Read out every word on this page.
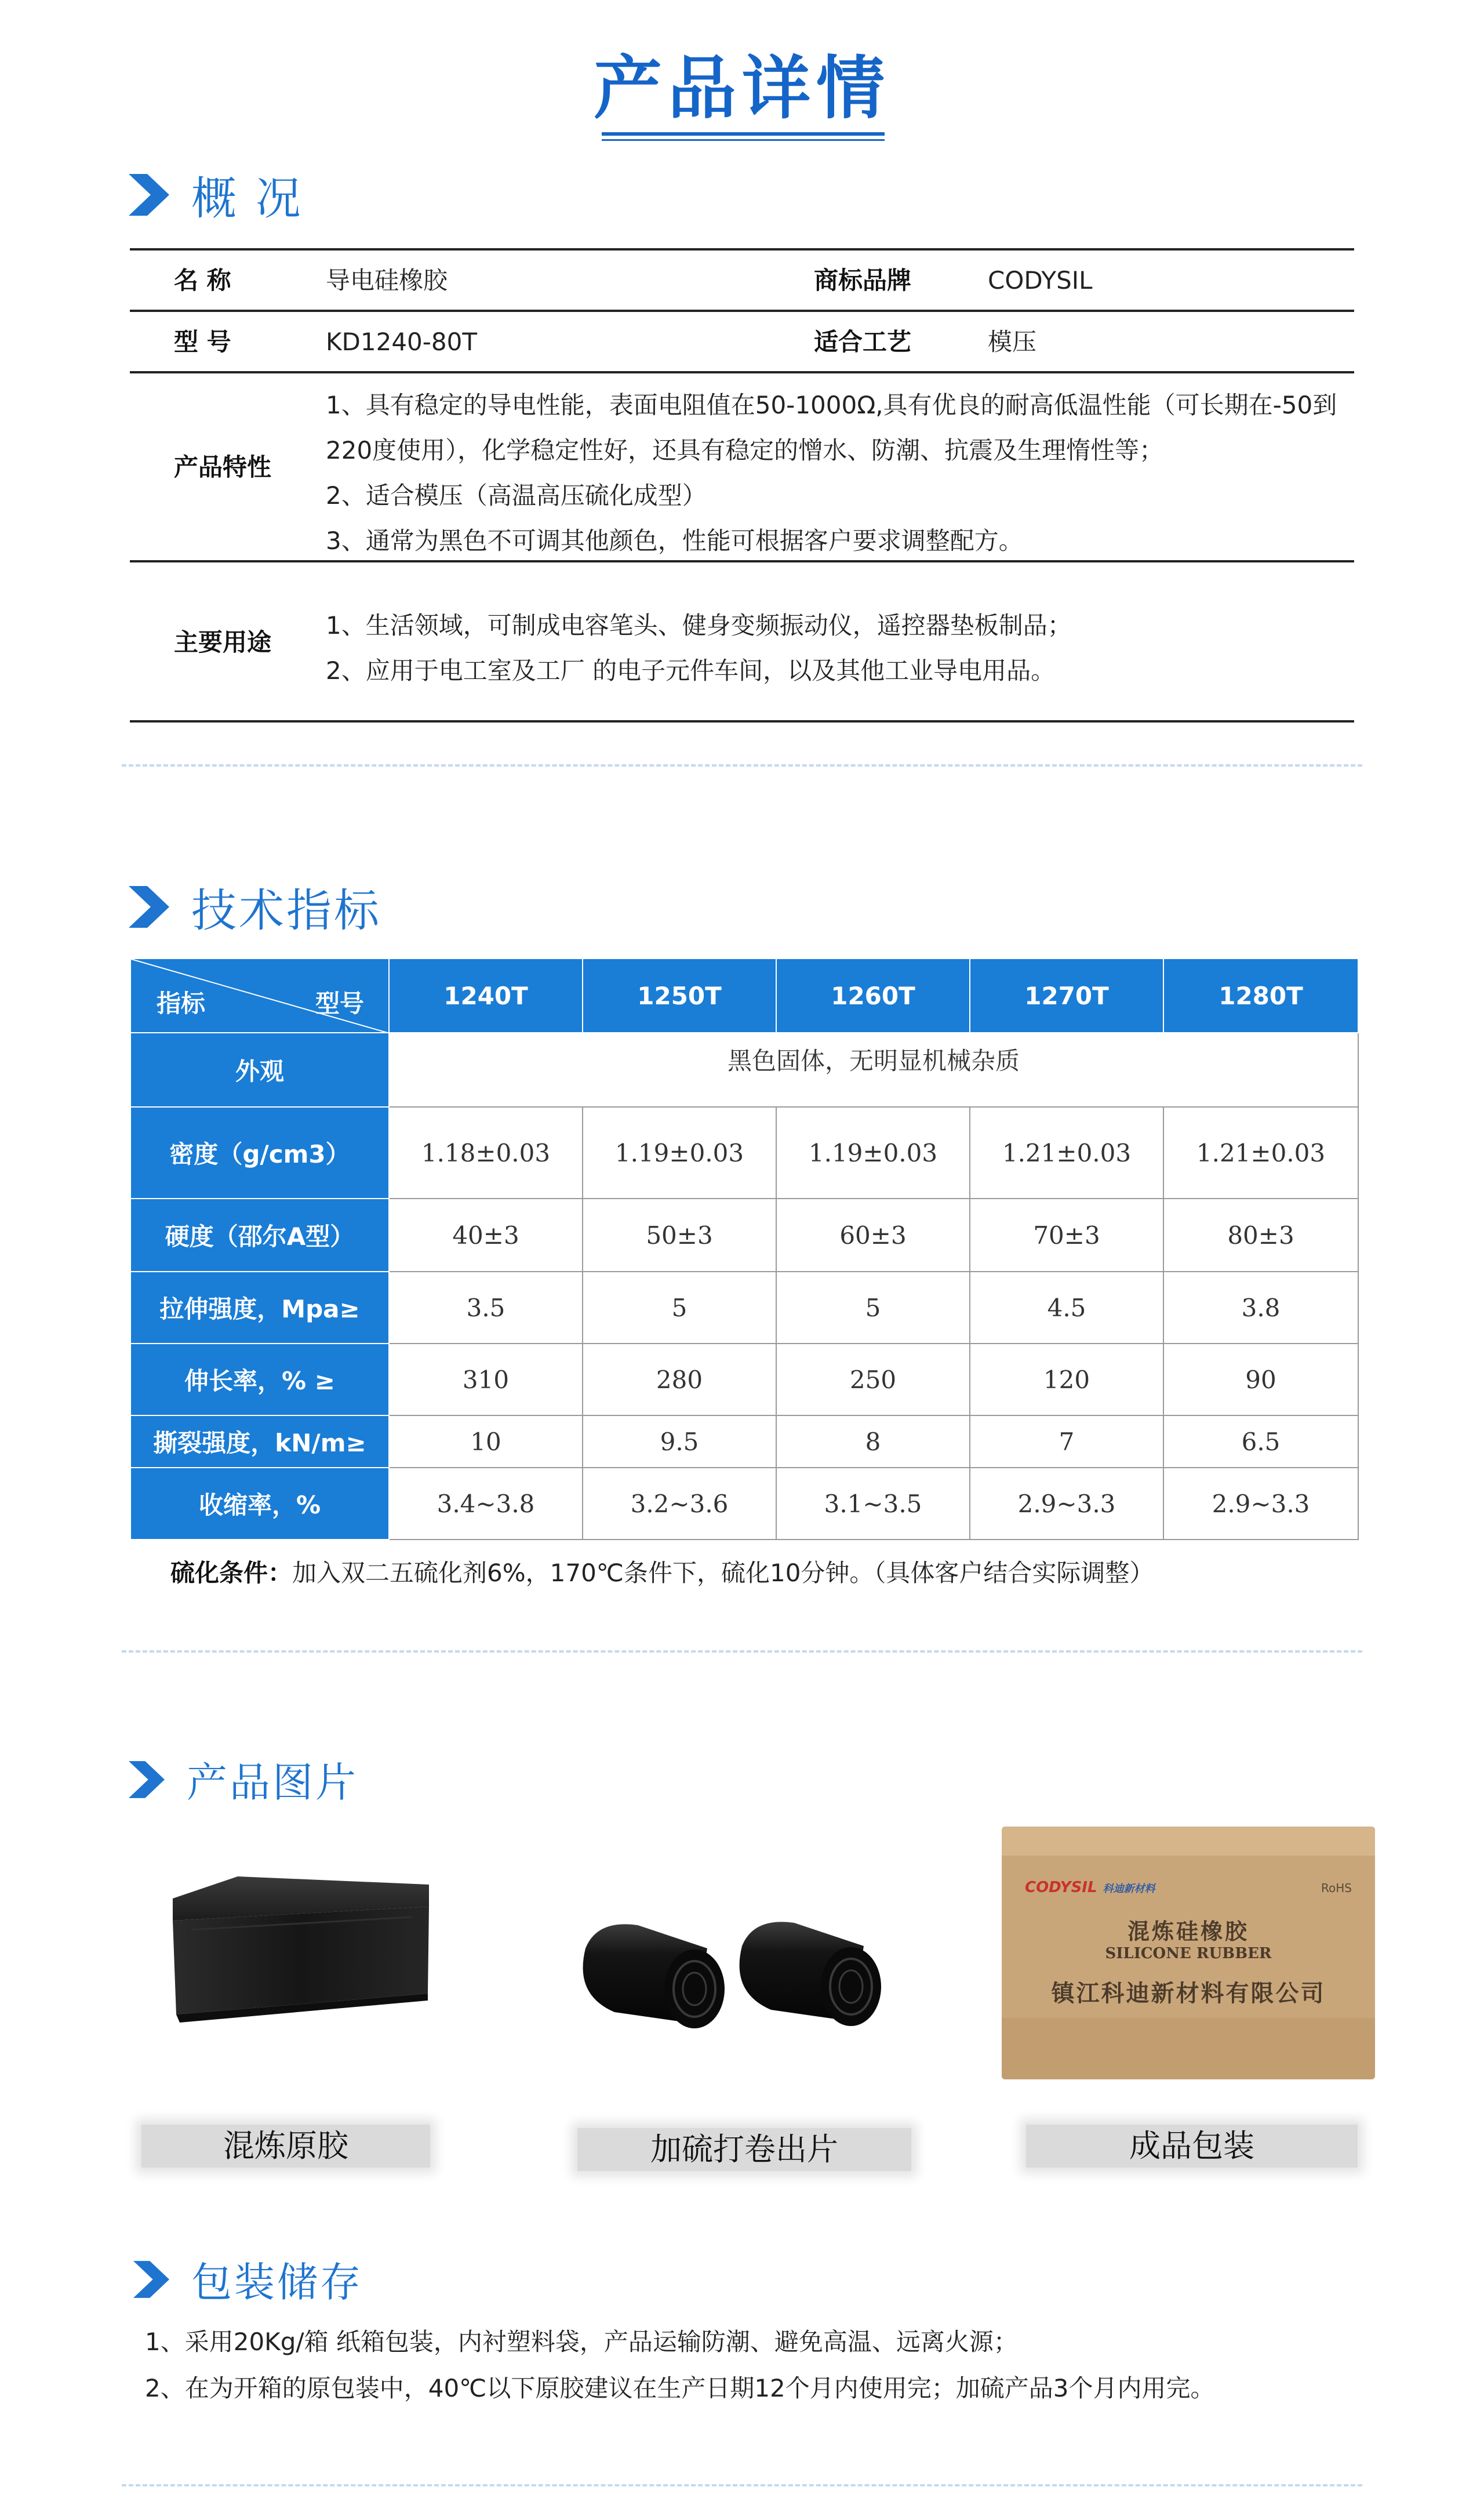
产品详情
概 况
名 称	导电硅橡胶	商标品牌	CODYSIL
型 号	KD1240-80T	适合工艺	模压
产品特性
1、具有稳定的导电性能，表面电阻值在50-1000Ω,具有优良的耐高低温性能（可长期在-50到
220度使用），化学稳定性好，还具有稳定的憎水、防潮、抗震及生理惰性等；
2、适合模压（高温高压硫化成型）
3、通常为黑色不可调其他颜色，性能可根据客户要求调整配方。
主要用途
1、生活领域，可制成电容笔头、健身变频振动仪，遥控器垫板制品；
2、应用于电工室及工厂 的电子元件车间，以及其他工业导电用品。
技术指标
指标 型号	1240T	1250T	1260T	1270T	1280T
外观	黑色固体，无明显机械杂质				
密度（g/cm3）	1.18±0.03	1.19±0.03	1.19±0.03	1.21±0.03	1.21±0.03
硬度（邵尔A型）	40±3	50±3	60±3	70±3	80±3
拉伸强度，Mpa≥	3.5	5	5	4.5	3.8
伸长率，% ≥	310	280	250	120	90
撕裂强度，kN/m≥	10	9.5	8	7	6.5
收缩率，%	3.4~3.8	3.2~3.6	3.1~3.5	2.9~3.3	2.9~3.3
硫化条件：加入双二五硫化剂6%，170℃条件下，硫化10分钟。（具体客户结合实际调整）
产品图片
CODYSIL 科迪新材料	RoHS
混炼硅橡胶
SILICONE RUBBER
镇江科迪新材料有限公司
混炼原胶	加硫打卷出片	成品包装
包装储存
1、采用20Kg/箱 纸箱包装，内衬塑料袋，产品运输防潮、避免高温、远离火源；
2、在为开箱的原包装中，40℃以下原胶建议在生产日期12个月内使用完；加硫产品3个月内用完。
